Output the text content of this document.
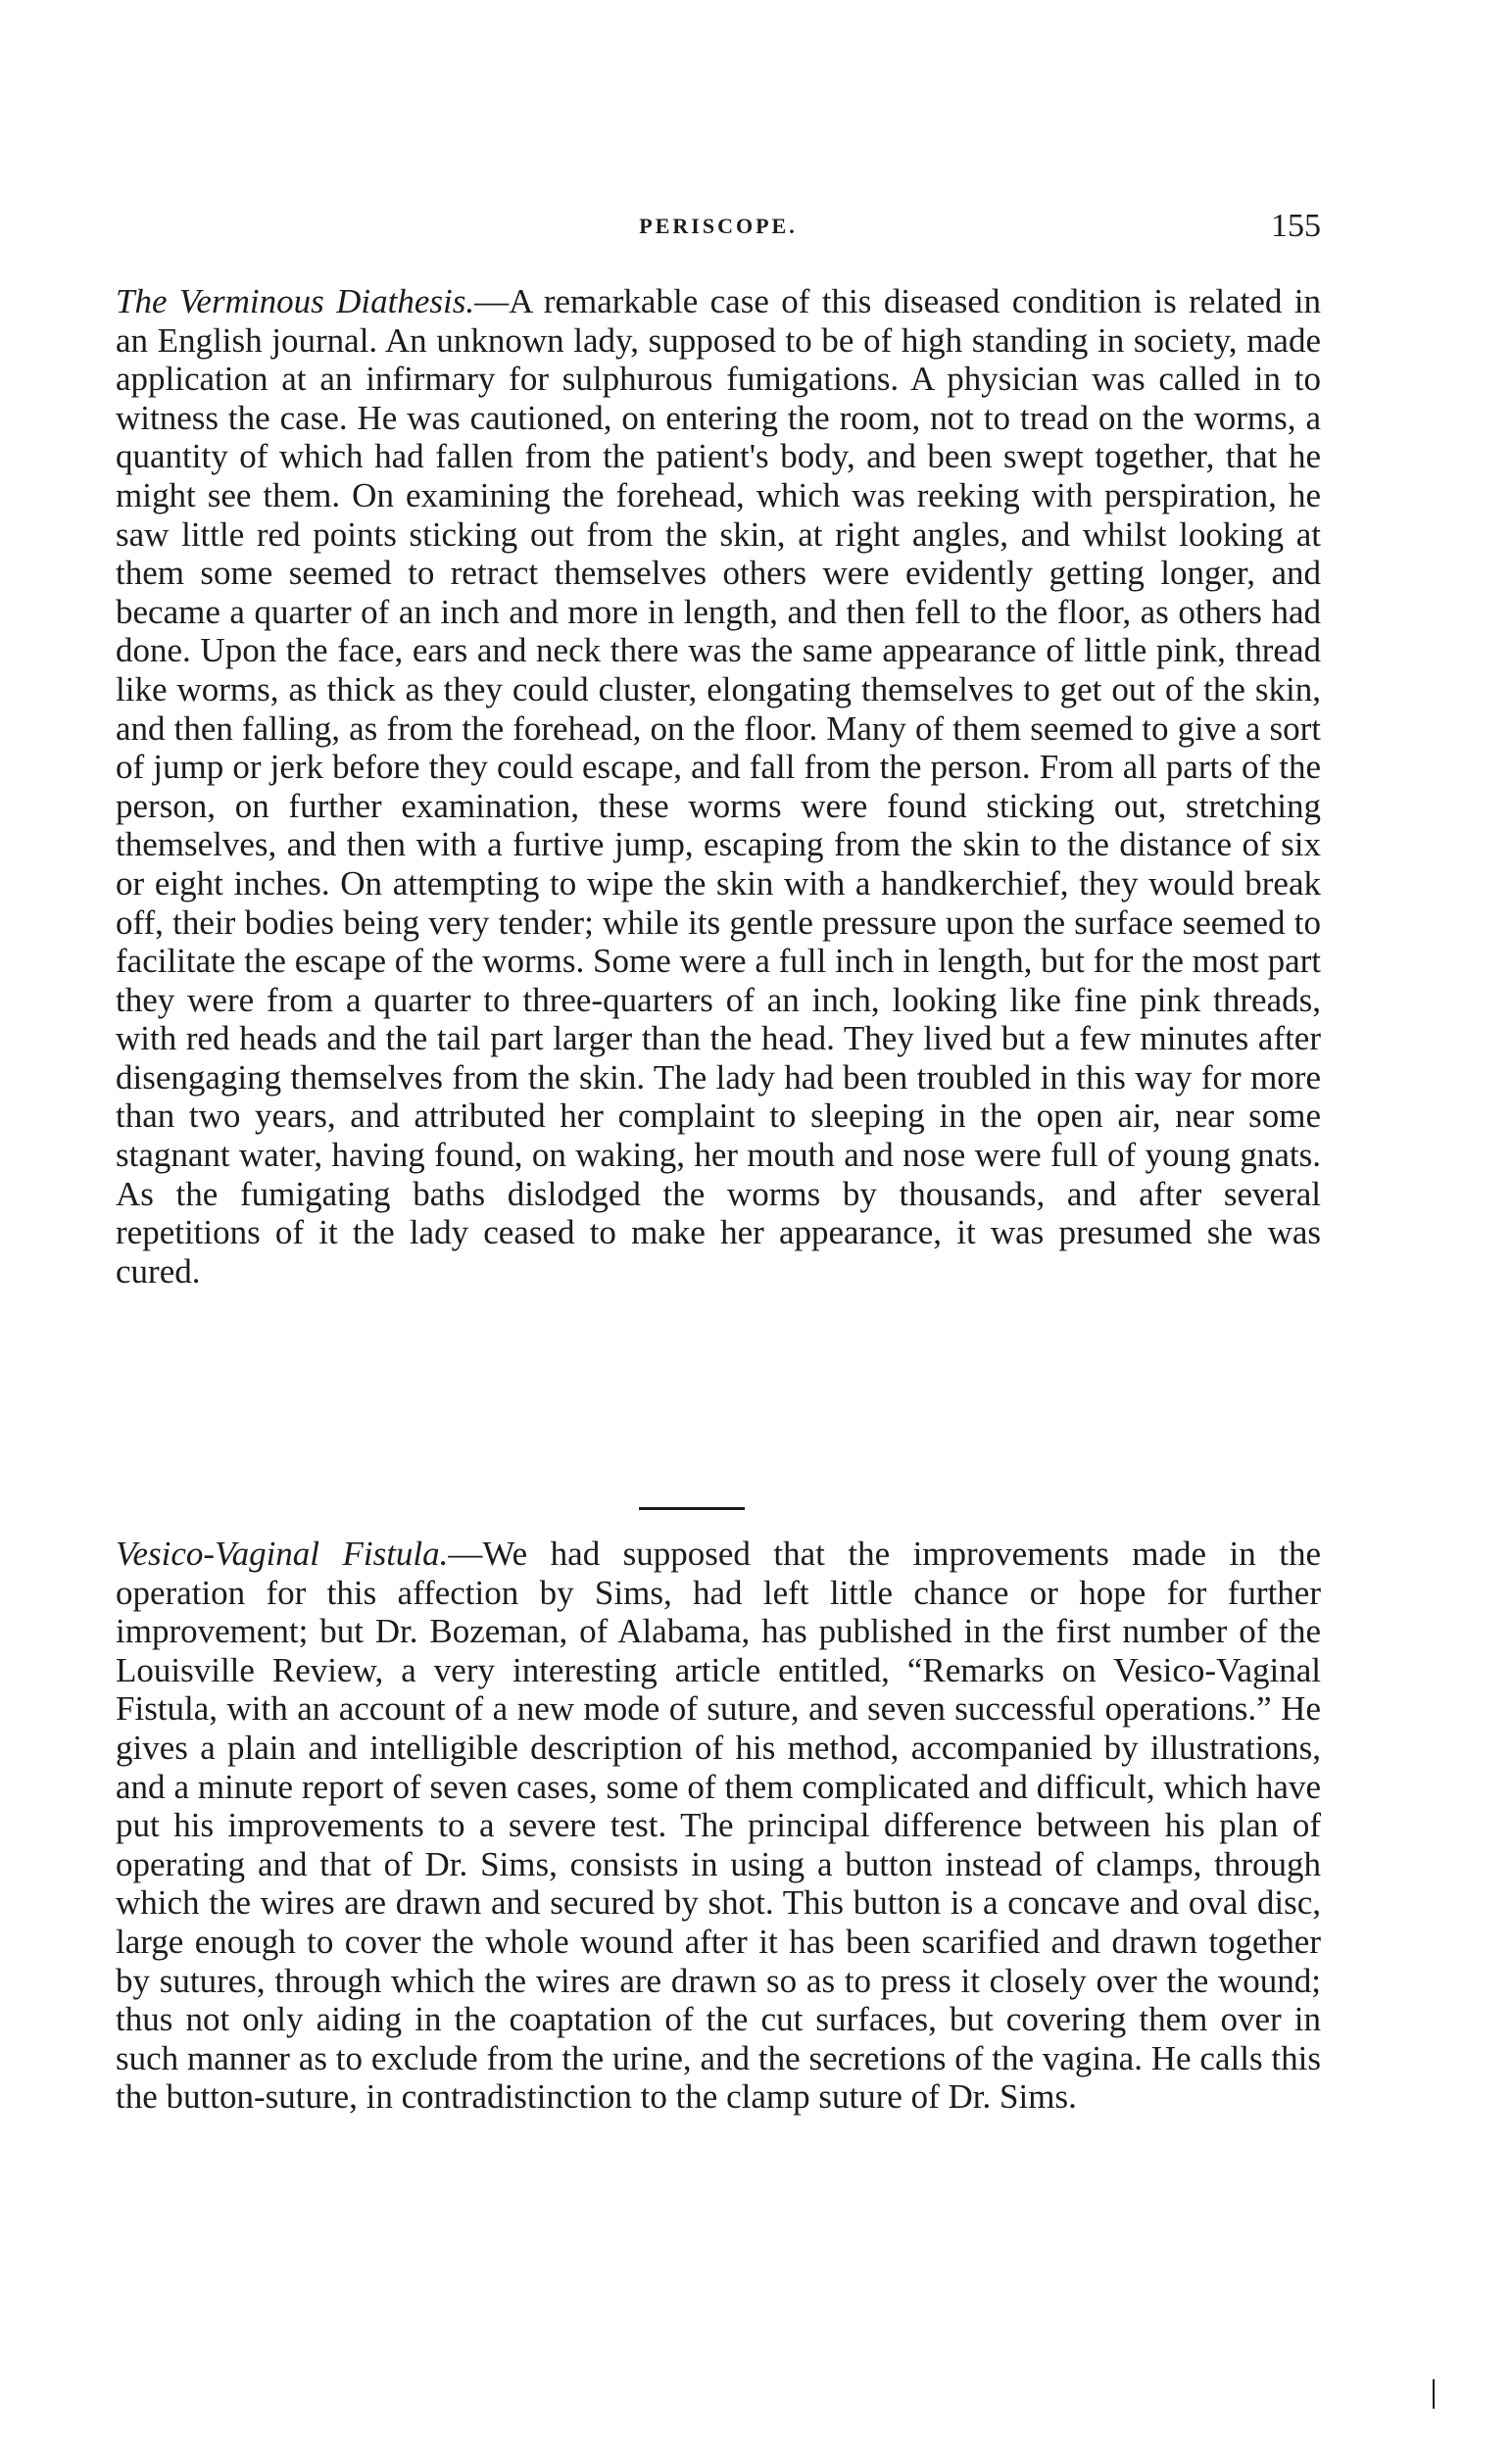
PERISCOPE.	155
The Verminous Diathesis.—A remarkable case of this diseased condition is related in an English journal. An unknown lady, supposed to be of high standing in society, made application at an infirmary for sulphurous fumigations. A physician was called in to witness the case. He was cautioned, on entering the room, not to tread on the worms, a quantity of which had fallen from the patient's body, and been swept together, that he might see them. On examining the forehead, which was reeking with perspiration, he saw little red points sticking out from the skin, at right angles, and whilst looking at them some seemed to retract themselves others were evidently getting longer, and became a quarter of an inch and more in length, and then fell to the floor, as others had done. Upon the face, ears and neck there was the same appearance of little pink, thread like worms, as thick as they could cluster, elongating themselves to get out of the skin, and then falling, as from the forehead, on the floor. Many of them seemed to give a sort of jump or jerk before they could escape, and fall from the person. From all parts of the person, on further examination, these worms were found sticking out, stretching themselves, and then with a furtive jump, escaping from the skin to the distance of six or eight inches. On attempting to wipe the skin with a handkerchief, they would break off, their bodies being very tender; while its gentle pressure upon the surface seemed to facilitate the escape of the worms. Some were a full inch in length, but for the most part they were from a quarter to three-quarters of an inch, looking like fine pink threads, with red heads and the tail part larger than the head. They lived but a few minutes after disengaging themselves from the skin. The lady had been troubled in this way for more than two years, and attributed her complaint to sleeping in the open air, near some stagnant water, having found, on waking, her mouth and nose were full of young gnats. As the fumigating baths dislodged the worms by thousands, and after several repetitions of it the lady ceased to make her appearance, it was presumed she was cured.
Vesico-Vaginal Fistula.—We had supposed that the improvements made in the operation for this affection by Sims, had left little chance or hope for further improvement; but Dr. Bozeman, of Alabama, has published in the first number of the Louisville Review, a very interesting article entitled, “Remarks on Vesico-Vaginal Fistula, with an account of a new mode of suture, and seven successful operations.” He gives a plain and intelligible description of his method, accompanied by illustrations, and a minute report of seven cases, some of them complicated and difficult, which have put his improvements to a severe test. The principal difference between his plan of operating and that of Dr. Sims, consists in using a button instead of clamps, through which the wires are drawn and secured by shot. This button is a concave and oval disc, large enough to cover the whole wound after it has been scarified and drawn together by sutures, through which the wires are drawn so as to press it closely over the wound; thus not only aiding in the coaptation of the cut surfaces, but covering them over in such manner as to exclude from the urine, and the secretions of the vagina. He calls this the button-suture, in contradistinction to the clamp suture of Dr. Sims.
